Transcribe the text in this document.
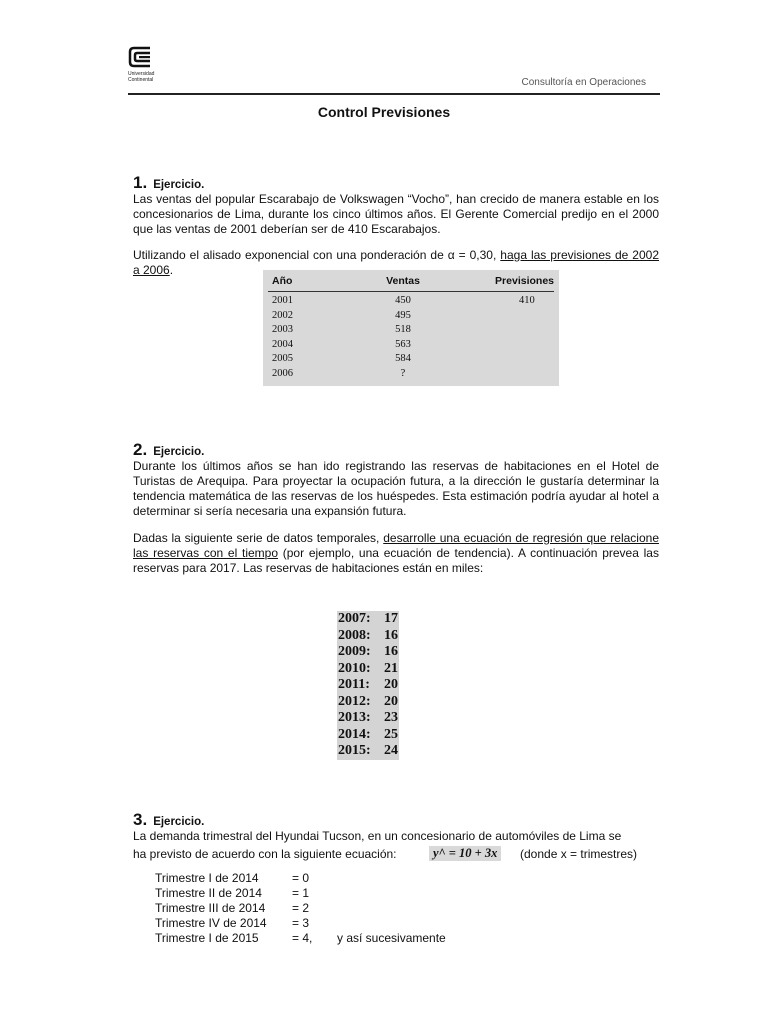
Universidad
Continental	Consultoría en Operaciones
Control Previsiones
1. Ejercicio.
Las ventas del popular Escarabajo de Volkswagen “Vocho”, han crecido de manera estable en los concesionarios de Lima, durante los cinco últimos años. El Gerente Comercial predijo en el 2000 que las ventas de 2001 deberían ser de 410 Escarabajos.
Utilizando el alisado exponencial con una ponderación de α = 0,30, haga las previsiones de 2002 a 2006.
Año	Ventas	Previsiones
2001	450	410
2002	495
2003	518
2004	563
2005	584
2006	?
2. Ejercicio.
Durante los últimos años se han ido registrando las reservas de habitaciones en el Hotel de Turistas de Arequipa. Para proyectar la ocupación futura, a la dirección le gustaría determinar la tendencia matemática de las reservas de los huéspedes. Esta estimación podría ayudar al hotel a determinar si sería necesaria una expansión futura.
Dadas la siguiente serie de datos temporales, desarrolle una ecuación de regresión que relacione las reservas con el tiempo (por ejemplo, una ecuación de tendencia). A continuación prevea las reservas para 2017. Las reservas de habitaciones están en miles:
2007: 17
2008: 16
2009: 16
2010: 21
2011: 20
2012: 20
2013: 23
2014: 25
2015: 24
3. Ejercicio.
La demanda trimestral del Hyundai Tucson, en un concesionario de automóviles de Lima se
ha previsto de acuerdo con la siguiente ecuación:	y^ = 10 + 3x	(donde x = trimestres)
Trimestre I de 2014	= 0
Trimestre II de 2014	= 1
Trimestre III de 2014 = 2
Trimestre IV de 2014 = 3
Trimestre I de 2015	= 4, y así sucesivamente
